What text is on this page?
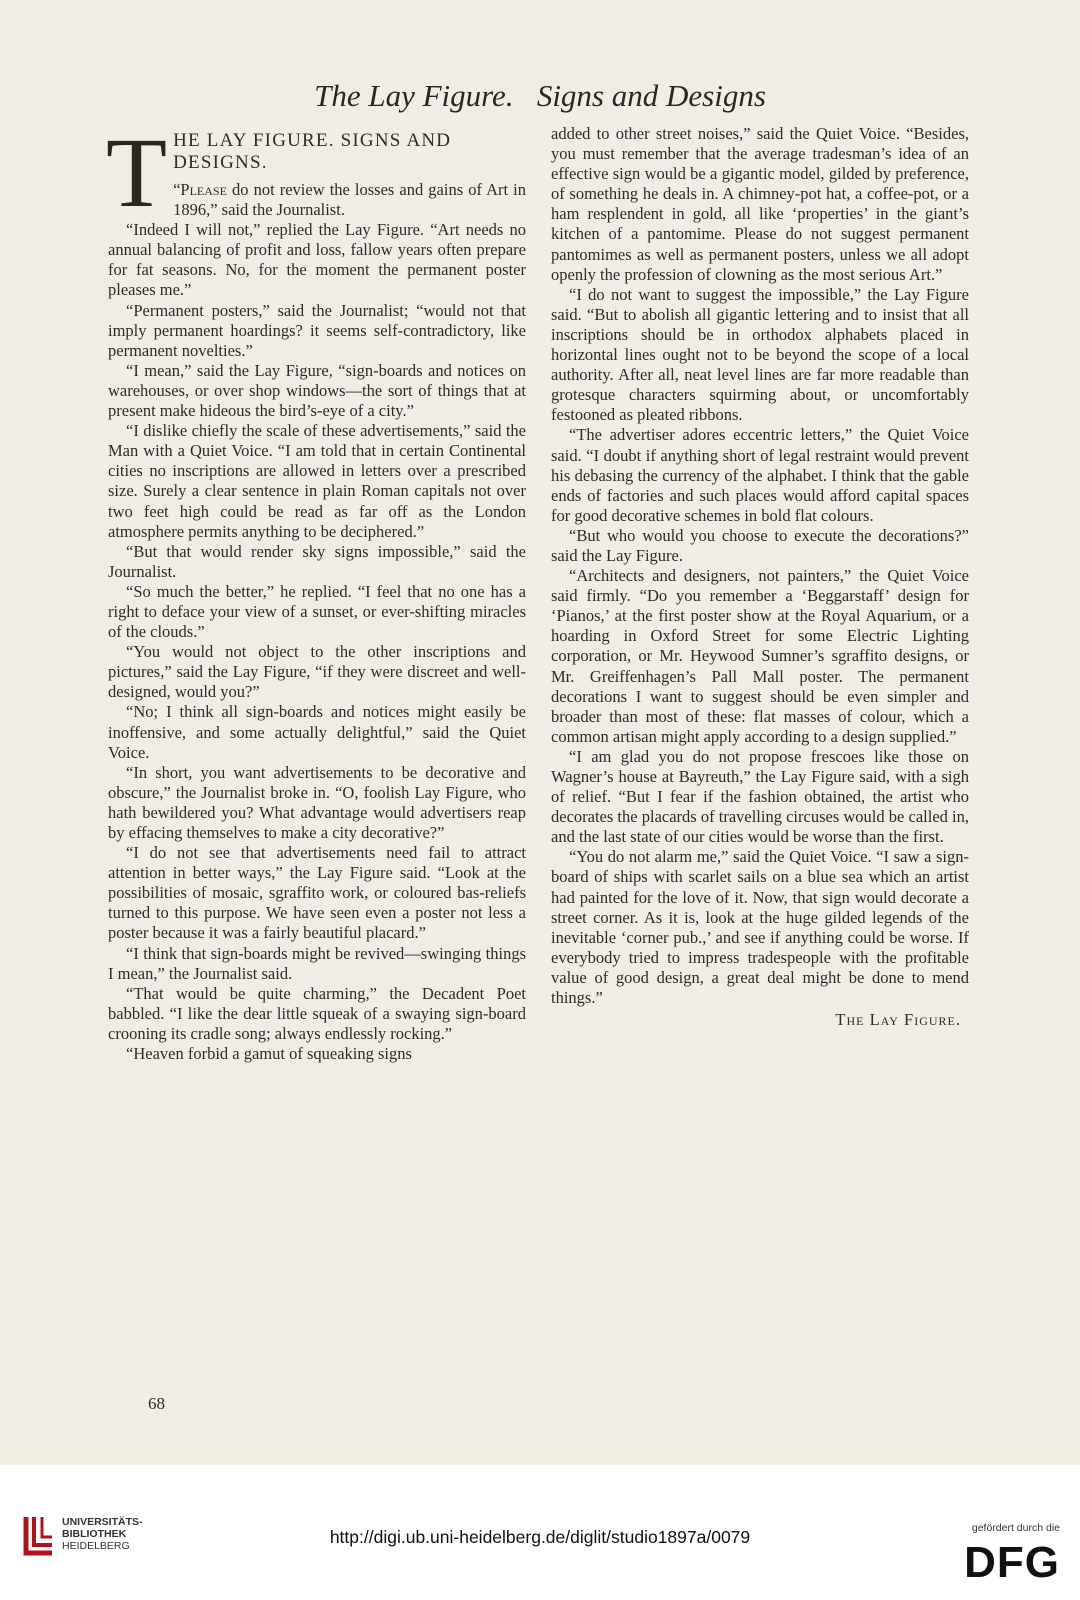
The Lay Figure.   Signs and Designs
T HE LAY FIGURE. SIGNS AND DESIGNS.

“Please do not review the losses and gains of Art in 1896,” said the Journalist.

“Indeed I will not,” replied the Lay Figure. “Art needs no annual balancing of profit and loss, fallow years often prepare for fat seasons. No, for the moment the permanent poster pleases me.”

“Permanent posters,” said the Journalist; “would not that imply permanent hoardings? it seems self-contradictory, like permanent novelties.”

“I mean,” said the Lay Figure, “sign-boards and notices on warehouses, or over shop windows—the sort of things that at present make hideous the bird’s-eye of a city.”

“I dislike chiefly the scale of these advertisements,” said the Man with a Quiet Voice. “I am told that in certain Continental cities no inscriptions are allowed in letters over a prescribed size. Surely a clear sentence in plain Roman capitals not over two feet high could be read as far off as the London atmosphere permits anything to be deciphered.”

“But that would render sky signs impossible,” said the Journalist.

“So much the better,” he replied. “I feel that no one has a right to deface your view of a sunset, or ever-shifting miracles of the clouds.”

“You would not object to the other inscriptions and pictures,” said the Lay Figure, “if they were discreet and well-designed, would you?”

“No; I think all sign-boards and notices might easily be inoffensive, and some actually delightful,” said the Quiet Voice.

“In short, you want advertisements to be decorative and obscure,” the Journalist broke in. “O, foolish Lay Figure, who hath bewildered you? What advantage would advertisers reap by effacing themselves to make a city decorative?”

“I do not see that advertisements need fail to attract attention in better ways,” the Lay Figure said. “Look at the possibilities of mosaic, sgraffito work, or coloured bas-reliefs turned to this purpose. We have seen even a poster not less a poster because it was a fairly beautiful placard.”

“I think that sign-boards might be revived—swinging things I mean,” the Journalist said.

“That would be quite charming,” the Decadent Poet babbled. “I like the dear little squeak of a swaying sign-board crooning its cradle song; always endlessly rocking.”

“Heaven forbid a gamut of squeaking signs

added to other street noises,” said the Quiet Voice. “Besides, you must remember that the average tradesman’s idea of an effective sign would be a gigantic model, gilded by preference, of something he deals in. A chimney-pot hat, a coffee-pot, or a ham resplendent in gold, all like ‘properties’ in the giant’s kitchen of a pantomime. Please do not suggest permanent pantomimes as well as permanent posters, unless we all adopt openly the profession of clowning as the most serious Art.”

“I do not want to suggest the impossible,” the Lay Figure said. “But to abolish all gigantic lettering and to insist that all inscriptions should be in orthodox alphabets placed in horizontal lines ought not to be beyond the scope of a local authority. After all, neat level lines are far more readable than grotesque characters squirming about, or uncomfortably festooned as pleated ribbons.

“The advertiser adores eccentric letters,” the Quiet Voice said. “I doubt if anything short of legal restraint would prevent his debasing the currency of the alphabet. I think that the gable ends of factories and such places would afford capital spaces for good decorative schemes in bold flat colours.

“But who would you choose to execute the decorations?” said the Lay Figure.

“Architects and designers, not painters,” the Quiet Voice said firmly. “Do you remember a ‘Beggarstaff’ design for ‘Pianos,’ at the first poster show at the Royal Aquarium, or a hoarding in Oxford Street for some Electric Lighting corporation, or Mr. Heywood Sumner’s sgraffito designs, or Mr. Greiffenhagen’s Pall Mall poster. The permanent decorations I want to suggest should be even simpler and broader than most of these: flat masses of colour, which a common artisan might apply according to a design supplied.”

“I am glad you do not propose frescoes like those on Wagner’s house at Bayreuth,” the Lay Figure said, with a sigh of relief. “But I fear if the fashion obtained, the artist who decorates the placards of travelling circuses would be called in, and the last state of our cities would be worse than the first.

“You do not alarm me,” said the Quiet Voice. “I saw a sign-board of ships with scarlet sails on a blue sea which an artist had painted for the love of it. Now, that sign would decorate a street corner. As it is, look at the huge gilded legends of the inevitable ‘corner pub.,’ and see if anything could be worse. If everybody tried to impress tradespeople with the profitable value of good design, a great deal might be done to mend things.”

The Lay Figure.
68
UNIVERSITÄTS-
BIBLIOTHEK
HEIDELBERG	http://digi.ub.uni-heidelberg.de/diglit/studio1897a/0079	gefördert durch die
DFG
